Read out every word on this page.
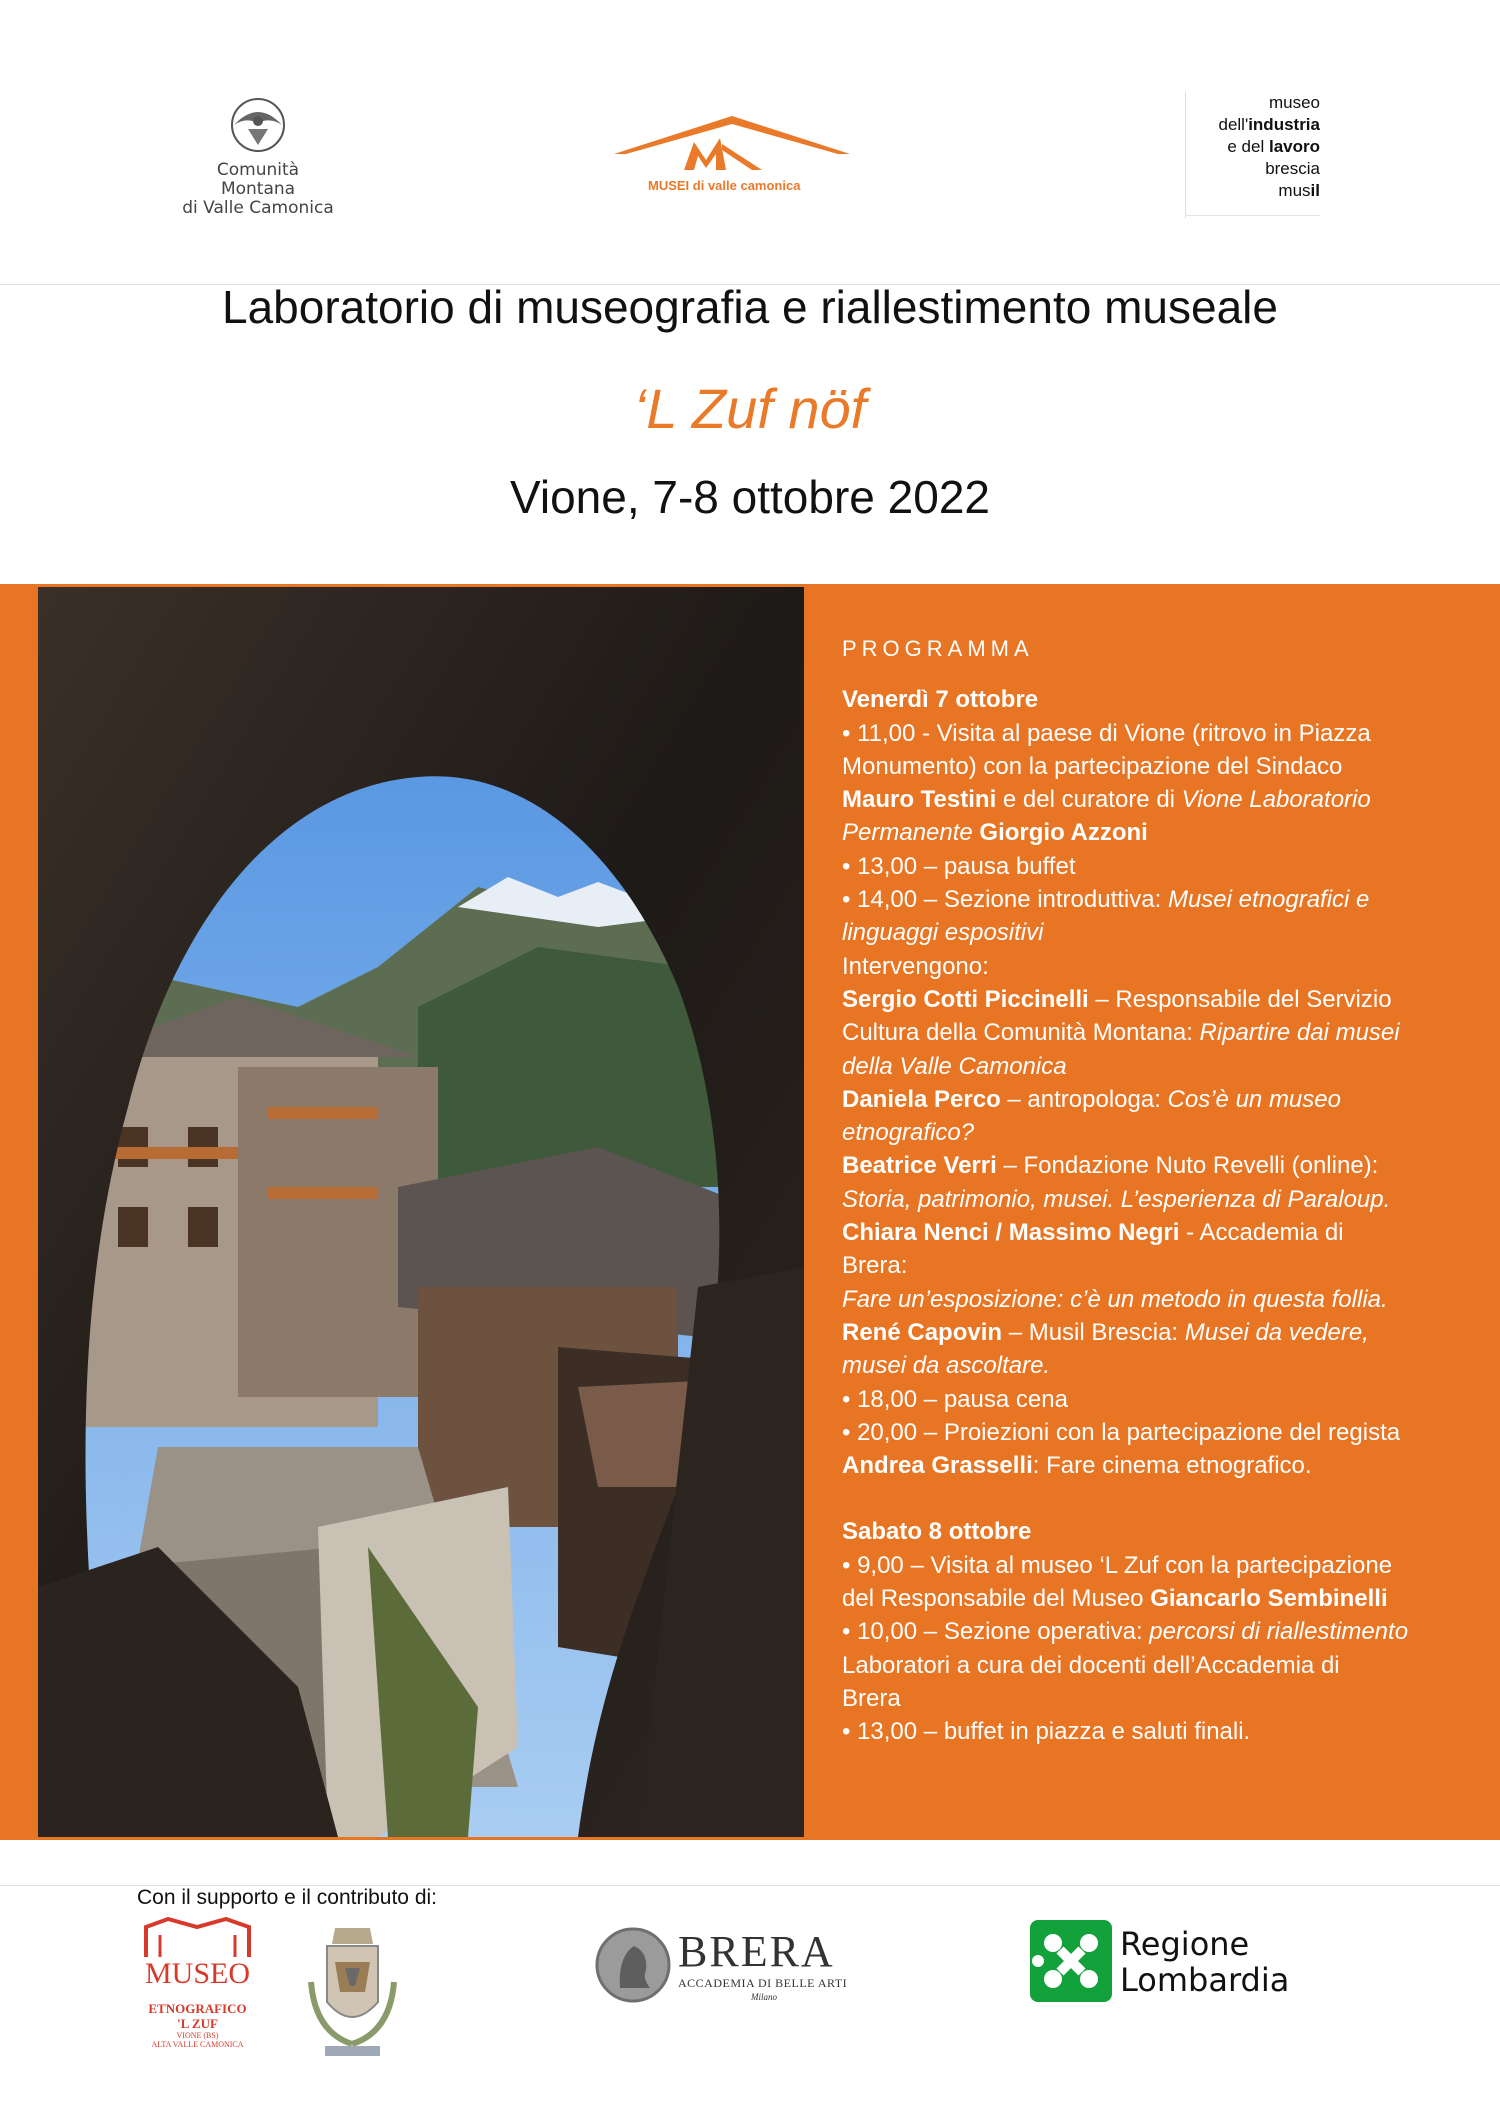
Comunità Montana
di Valle Camonica
MUSEI di valle camonica
museo
dell'industria
e del lavoro
brescia
musil
Laboratorio di museografia e riallestimento museale
‘L Zuf nöf
Vione, 7-8 ottobre 2022
PROGRAMMA
Venerdì 7 ottobre
• 11,00 - Visita al paese di Vione (ritrovo in Piazza
Monumento) con la partecipazione del Sindaco
Mauro Testini e del curatore di Vione Laboratorio
Permanente Giorgio Azzoni
• 13,00 – pausa buffet
• 14,00 – Sezione introduttiva: Musei etnografici e
linguaggi espositivi
Intervengono:
Sergio Cotti Piccinelli – Responsabile del Servizio
Cultura della Comunità Montana: Ripartire dai musei
della Valle Camonica
Daniela Perco – antropologa: Cos’è un museo
etnografico?
Beatrice Verri – Fondazione Nuto Revelli (online):
Storia, patrimonio, musei. L’esperienza di Paraloup.
Chiara Nenci / Massimo Negri - Accademia di
Brera:
Fare un’esposizione: c’è un metodo in questa follia.
René Capovin – Musil Brescia: Musei da vedere,
musei da ascoltare.
• 18,00 – pausa cena
• 20,00 – Proiezioni con la partecipazione del regista
Andrea Grasselli: Fare cinema etnografico.
Sabato 8 ottobre
• 9,00 – Visita al museo ‘L Zuf con la partecipazione
del Responsabile del Museo Giancarlo Sembinelli
• 10,00 – Sezione operativa: percorsi di riallestimento
Laboratori a cura dei docenti dell’Accademia di
Brera
• 13,00 – buffet in piazza e saluti finali.
Con il supporto e il contributo di:
MUSEO
ETNOGRAFICO
'L ZUF
VIONE (BS)
ALTA VALLE CAMONICA
BRERA
ACCADEMIA DI BELLE ARTI
Milano
Regione
Lombardia
